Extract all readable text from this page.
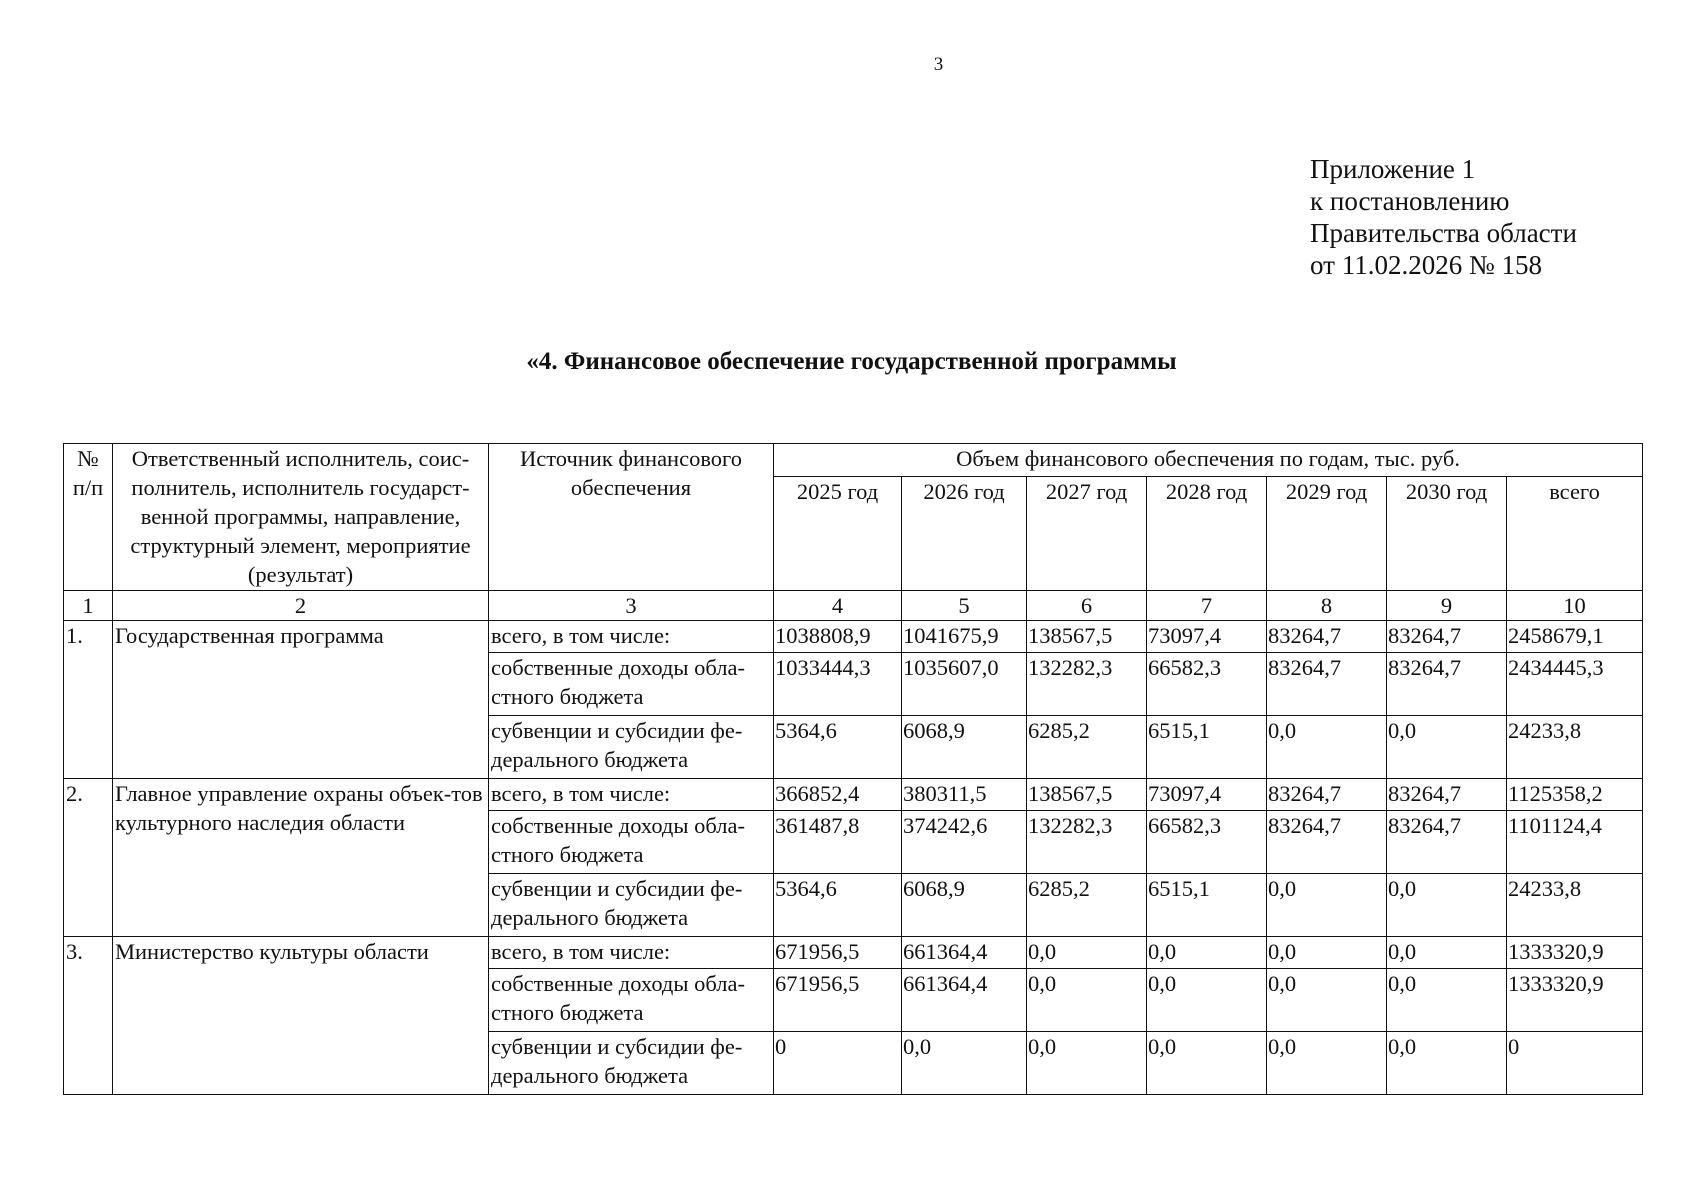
3
Приложение 1
к постановлению
Правительства области
от 11.02.2026 № 158
«4. Финансовое обеспечение государственной программы
№ п/п	Ответственный исполнитель, соис-полнитель, исполнитель государст-венной программы, направление, структурный элемент, мероприятие (результат)	Источник финансового обеспечения	Объем финансового обеспечения по годам, тыс. руб.						
			2025 год	2026 год	2027 год	2028 год	2029 год	2030 год	всего
1	2	3	4	5	6	7	8	9	10
1.	Государственная программа	всего, в том числе:	1038808,9	1041675,9	138567,5	73097,4	83264,7	83264,7	2458679,1
		собственные доходы обла-стного бюджета	1033444,3	1035607,0	132282,3	66582,3	83264,7	83264,7	2434445,3
		субвенции и субсидии фе-дерального бюджета	5364,6	6068,9	6285,2	6515,1	0,0	0,0	24233,8
2.	Главное управление охраны объек-тов культурного наследия области	всего, в том числе:	366852,4	380311,5	138567,5	73097,4	83264,7	83264,7	1125358,2
		собственные доходы обла-стного бюджета	361487,8	374242,6	132282,3	66582,3	83264,7	83264,7	1101124,4
		субвенции и субсидии фе-дерального бюджета	5364,6	6068,9	6285,2	6515,1	0,0	0,0	24233,8
3.	Министерство культуры области	всего, в том числе:	671956,5	661364,4	0,0	0,0	0,0	0,0	1333320,9
		собственные доходы обла-стного бюджета	671956,5	661364,4	0,0	0,0	0,0	0,0	1333320,9
		субвенции и субсидии фе-дерального бюджета	0	0,0	0,0	0,0	0,0	0,0	0
